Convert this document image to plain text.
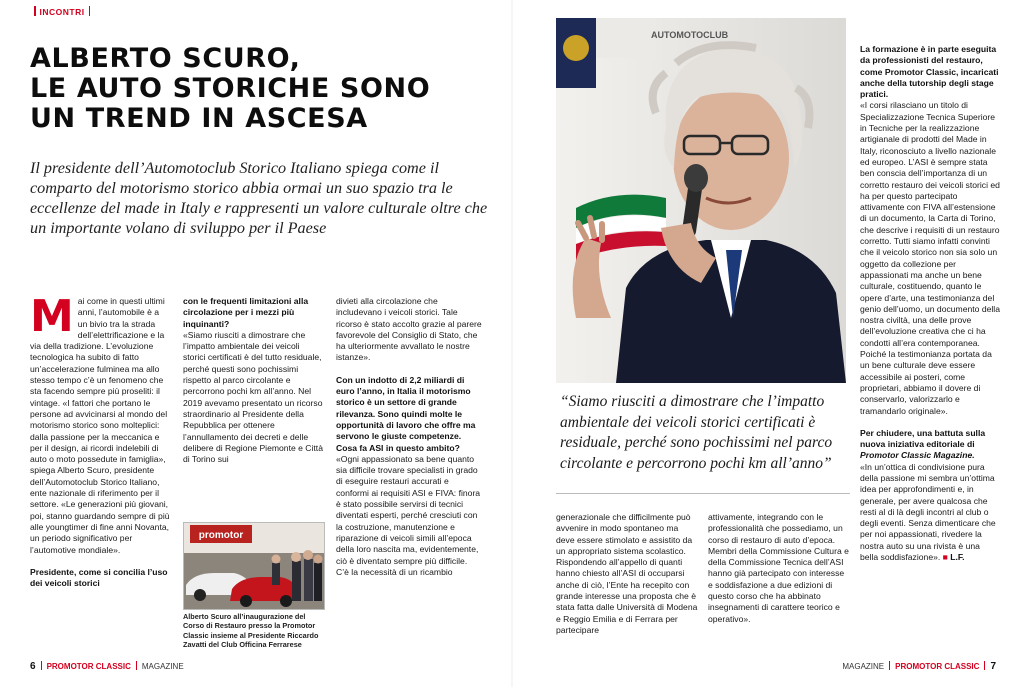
INCONTRI
ALBERTO SCURO,
LE AUTO STORICHE SONO
UN TREND IN ASCESA
Il presidente dell’Automotoclub Storico Italiano spiega come il comparto del motorismo storico abbia ormai un suo spazio tra le eccellenze del made in Italy e rappresenti un valore culturale oltre che un importante volano di sviluppo per il Paese

Mai come in questi ultimi anni, l’automobile è a un bivio tra la strada dell’elettrificazione e la via della tradizione. L’evoluzione tecnologica ha subito di fatto un’accelerazione fulminea ma allo stesso tempo c’è un fenomeno che sta facendo sempre più proseliti: il vintage. «I fattori che portano le persone ad avvicinarsi al mondo del motorismo storico sono molteplici: dalla passione per la meccanica e per il design, ai ricordi indelebili di auto o moto possedute in famiglia», spiega Alberto Scuro, presidente dell’Automotoclub Storico Italiano, ente nazionale di riferimento per il settore. «Le generazioni più giovani, poi, stanno guardando sempre di più alle youngtimer di fine anni Novanta, un periodo significativo per l’automotive mondiale».

Presidente, come si concilia l’uso dei veicoli storici

con le frequenti limitazioni alla circolazione per i mezzi più inquinanti?

«Siamo riusciti a dimostrare che l’impatto ambientale dei veicoli storici certificati è del tutto residuale, perché questi sono pochissimi rispetto al parco circolante e percorrono pochi km all’anno. Nel 2019 avevamo presentato un ricorso straordinario al Presidente della Repubblica per ottenere l’annullamento dei decreti e delle delibere di Regione Piemonte e Città di Torino sui

promotor
Alberto Scuro all’inaugurazione del Corso di Restauro presso la Promotor Classic insieme al Presidente Riccardo Zavatti del Club Officina Ferrarese

divieti alla circolazione che includevano i veicoli storici. Tale ricorso è stato accolto grazie al parere favorevole del Consiglio di Stato, che ha ulteriormente avvallato le nostre istanze».

Con un indotto di 2,2 miliardi di euro l’anno, in Italia il motorismo storico è un settore di grande rilevanza. Sono quindi molte le opportunità di lavoro che offre ma servono le giuste competenze. Cosa fa ASI in questo ambito?

«Ogni appassionato sa bene quanto sia difficile trovare specialisti in grado di eseguire restauri accurati e conformi ai requisiti ASI e FIVA: finora è stato possibile servirsi di tecnici diventati esperti, perché cresciuti con la costruzione, manutenzione e riparazione di veicoli simili all’epoca della loro nascita ma, evidentemente, ciò è diventato sempre più difficile.

C’è la necessità di un ricambio

AUTOMOTOCLUB
“Siamo riusciti a dimostrare che l’impatto ambientale dei veicoli storici certificati è residuale, perché sono pochissimi nel parco circolante e percorrono pochi km all’anno”

generazionale che difficilmente può avvenire in modo spontaneo ma deve essere stimolato e assistito da un appropriato sistema scolastico. Rispondendo all’appello di quanti hanno chiesto all’ASI di occuparsi anche di ciò, l’Ente ha recepito con grande interesse una proposta che è stata fatta dalle Università di Modena e Reggio Emilia e di Ferrara per partecipare

attivamente, integrando con le professionalità che possediamo, un corso di restauro di auto d’epoca. Membri della Commissione Cultura e della Commissione Tecnica dell’ASI hanno già partecipato con interesse e soddisfazione a due edizioni di questo corso che ha abbinato insegnamenti di carattere teorico e operativo».

La formazione è in parte eseguita da professionisti del restauro, come Promotor Classic, incaricati anche della tutorship degli stage pratici.

«I corsi rilasciano un titolo di Specializzazione Tecnica Superiore in Tecniche per la realizzazione artigianale di prodotti del Made in Italy, riconosciuto a livello nazionale ed europeo. L’ASI è sempre stata ben conscia dell’importanza di un corretto restauro dei veicoli storici ed ha per questo partecipato attivamente con FIVA all’estensione di un documento, la Carta di Torino, che descrive i requisiti di un restauro corretto. Tutti siamo infatti convinti che il veicolo storico non sia solo un oggetto da collezione per appassionati ma anche un bene culturale, costituendo, quanto le opere d’arte, una testimonianza del genio dell’uomo, un documento della nostra civiltà, una delle prove dell’evoluzione creativa che ci ha condotti all’era contemporanea. Poiché la testimonianza portata da un bene culturale deve essere accessibile ai posteri, come proprietari, abbiamo il dovere di conservarlo, valorizzarlo e tramandarlo originale».

Per chiudere, una battuta sulla nuova iniziativa editoriale di Promotor Classic Magazine.

«In un’ottica di condivisione pura della passione mi sembra un’ottima idea per approfondimenti e, in generale, per avere qualcosa che resti al di là degli incontri al club o degli eventi. Senza dimenticare che per noi appassionati, rivedere la nostra auto su una rivista è una bella soddisfazione». ■ L.F.

6 PROMOTOR CLASSIC MAGAZINE	MAGAZINE PROMOTOR CLASSIC 7
